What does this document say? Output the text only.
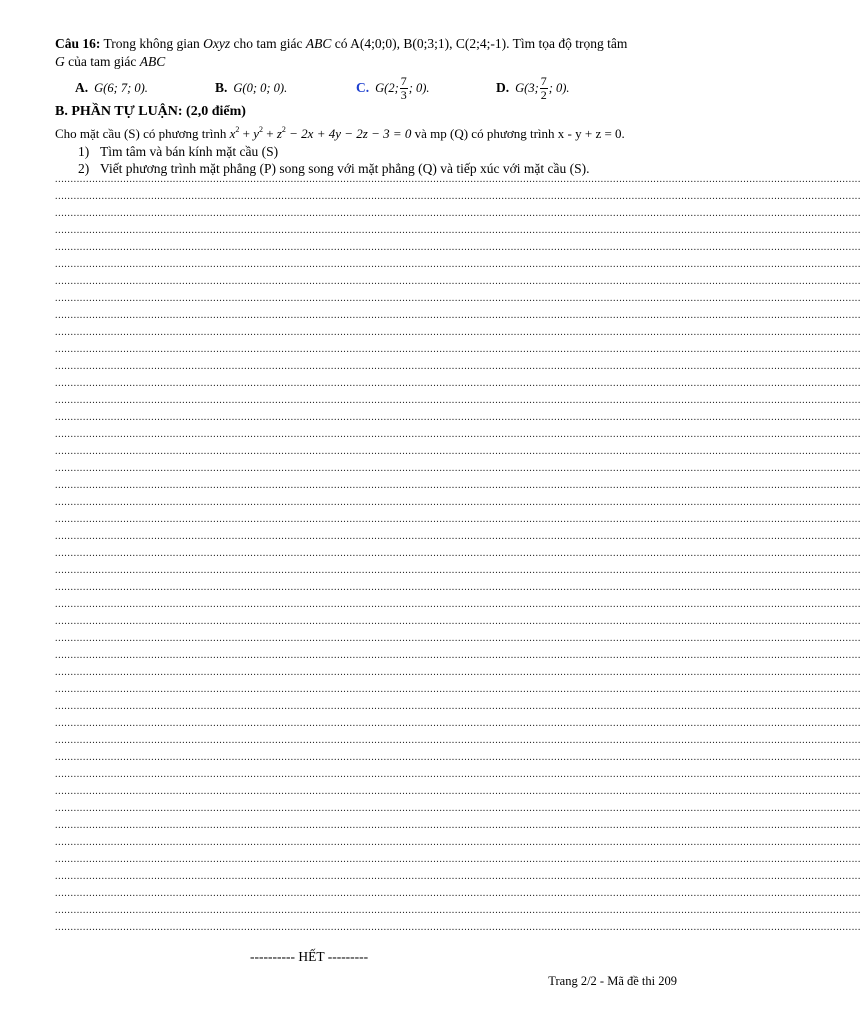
Câu 16: Trong không gian Oxyz cho tam giác ABC có A(4;0;0), B(0;3;1), C(2;4;-1). Tìm tọa độ trọng tâm
G của tam giác ABC
A. G(6; 7; 0).	B. G(0; 0; 0).	C. G(2; $\frac{7}{3}$ ; 0).	D. G(3; $\frac{7}{2}$ ; 0).
B. PHẦN TỰ LUẬN: (2,0 điểm)
Cho mặt cầu (S) có phương trình $x^2 + y^2 + z^2 - 2x + 4y - 2z - 3 = 0$ và mp (Q) có phương trình x - y + z = 0.
1) Tìm tâm và bán kính mặt cầu (S)
2) Viết phương trình mặt phẳng (P) song song với mặt phẳng (Q) và tiếp xúc với mặt cầu (S).
....................................................................................................................................................................................................................................................................
....................................................................................................................................................................................................................................................................
....................................................................................................................................................................................................................................................................
....................................................................................................................................................................................................................................................................
....................................................................................................................................................................................................................................................................
....................................................................................................................................................................................................................................................................
....................................................................................................................................................................................................................................................................
....................................................................................................................................................................................................................................................................
....................................................................................................................................................................................................................................................................
....................................................................................................................................................................................................................................................................
....................................................................................................................................................................................................................................................................
....................................................................................................................................................................................................................................................................
....................................................................................................................................................................................................................................................................
....................................................................................................................................................................................................................................................................
....................................................................................................................................................................................................................................................................
....................................................................................................................................................................................................................................................................
....................................................................................................................................................................................................................................................................
....................................................................................................................................................................................................................................................................
....................................................................................................................................................................................................................................................................
....................................................................................................................................................................................................................................................................
....................................................................................................................................................................................................................................................................
....................................................................................................................................................................................................................................................................
....................................................................................................................................................................................................................................................................
....................................................................................................................................................................................................................................................................
....................................................................................................................................................................................................................................................................
....................................................................................................................................................................................................................................................................
....................................................................................................................................................................................................................................................................
....................................................................................................................................................................................................................................................................
....................................................................................................................................................................................................................................................................
....................................................................................................................................................................................................................................................................
....................................................................................................................................................................................................................................................................
....................................................................................................................................................................................................................................................................
....................................................................................................................................................................................................................................................................
....................................................................................................................................................................................................................................................................
....................................................................................................................................................................................................................................................................
....................................................................................................................................................................................................................................................................
....................................................................................................................................................................................................................................................................
....................................................................................................................................................................................................................................................................
....................................................................................................................................................................................................................................................................
....................................................................................................................................................................................................................................................................
....................................................................................................................................................................................................................................................................
....................................................................................................................................................................................................................................................................
....................................................................................................................................................................................................................................................................
....................................................................................................................................................................................................................................................................
....................................................................................................................................................................................................................................................................
---------- HẾT ---------
Trang 2/2 - Mã đề thi 209
